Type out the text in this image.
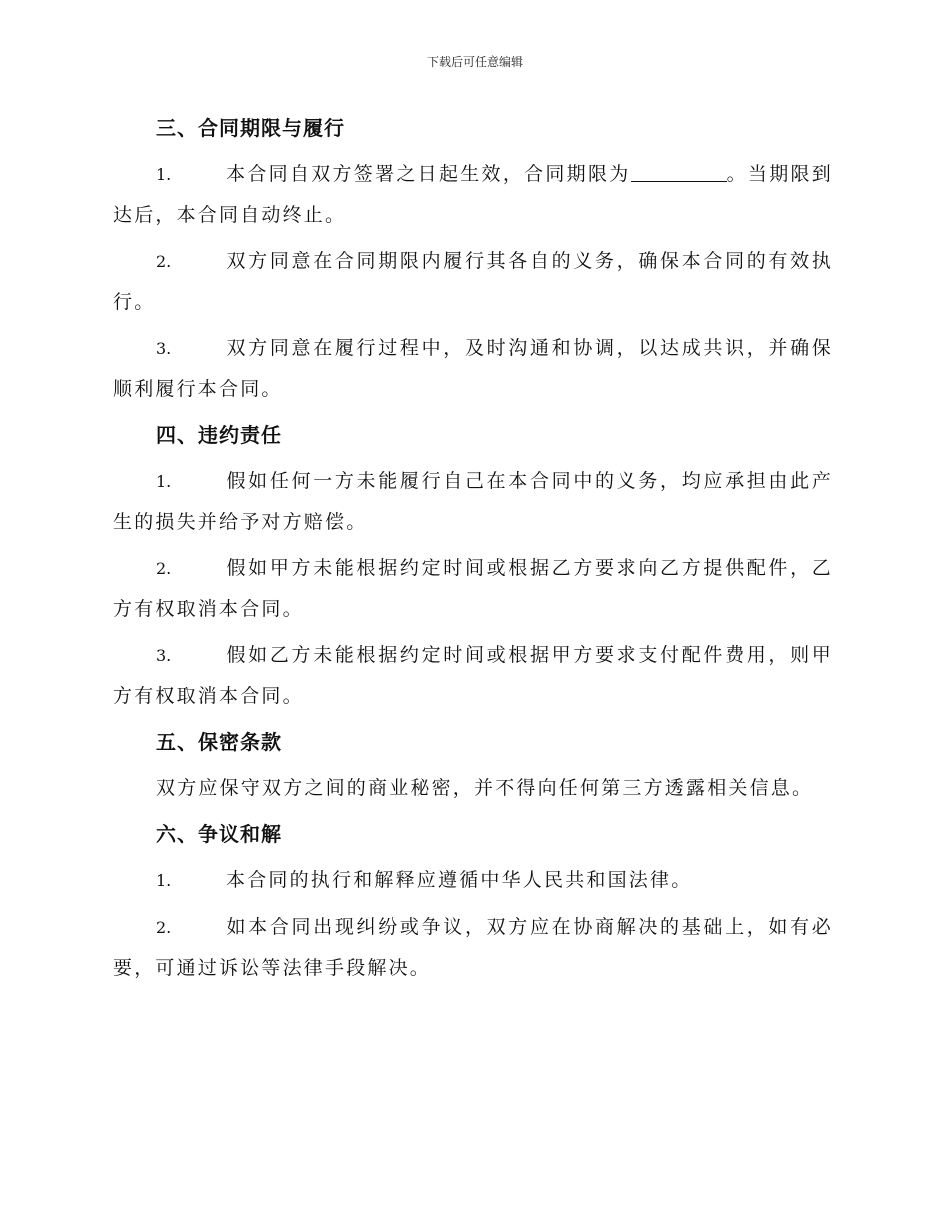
下载后可任意编辑
三、合同期限与履行

1.	本合同自双方签署之日起生效，合同期限为	。当期限到达后，本合同自动终止。

2.	双方同意在合同期限内履行其各自的义务，确保本合同的有效执行。

3.	双方同意在履行过程中，及时沟通和协调，以达成共识，并确保顺利履行本合同。

四、违约责任

1.	假如任何一方未能履行自己在本合同中的义务，均应承担由此产生的损失并给予对方赔偿。

2.	假如甲方未能根据约定时间或根据乙方要求向乙方提供配件，乙方有权取消本合同。

3.	假如乙方未能根据约定时间或根据甲方要求支付配件费用，则甲方有权取消本合同。

五、保密条款

双方应保守双方之间的商业秘密，并不得向任何第三方透露相关信息。

六、争议和解

1.	本合同的执行和解释应遵循中华人民共和国法律。

2.	如本合同出现纠纷或争议，双方应在协商解决的基础上，如有必要，可通过诉讼等法律手段解决。
